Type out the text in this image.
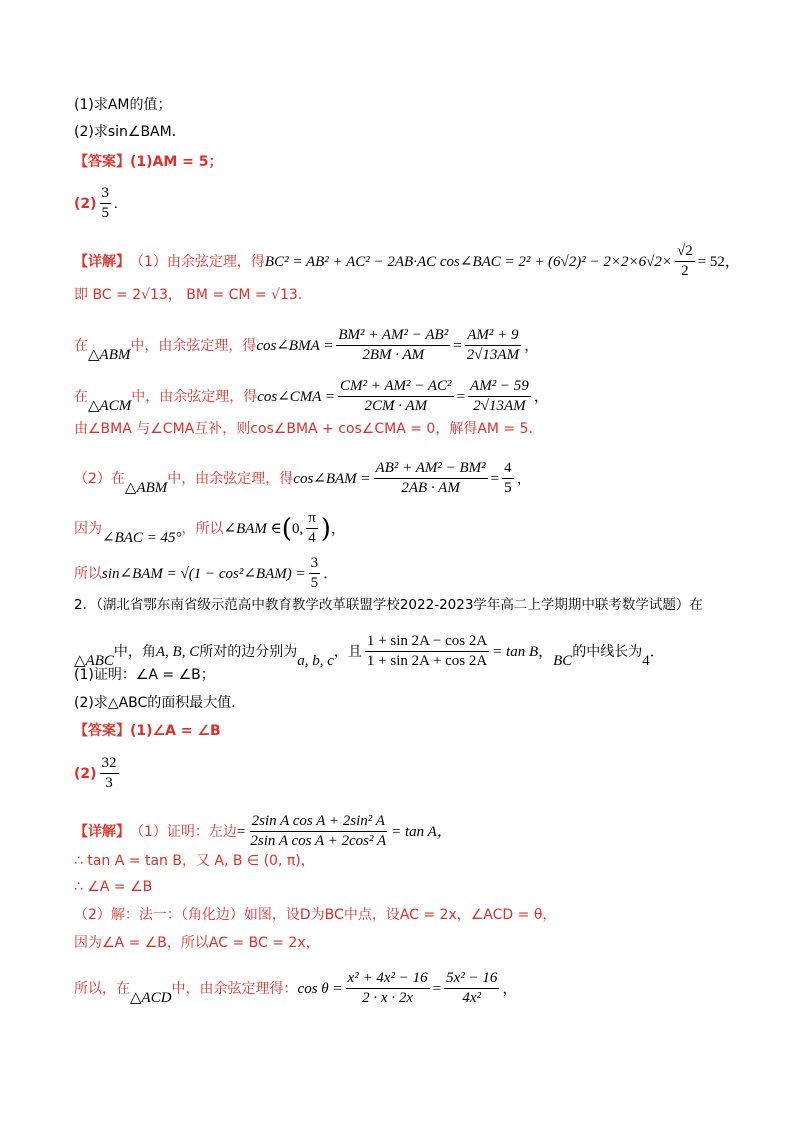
(1)求AM的值；
(2)求sin∠BAM．
【答案】 (1)AM = 5；
$(2) \frac{3}{5}$ .
【详解】 （1）由余弦定理，得 BC² = AB² + AC² − 2AB·AC cos∠BAC = $2^2 + (6√2)^2 - 2\times 2\times 6√2\times \frac{√2}{2} = 52$，
即 BC = 2√13， BM = CM = √13．
在
△ABM
中，由余弦定理，得 cos∠BMA = $\frac{\text{BM² + AM² − AB²}}{2BM \cdot AM} = \frac{\text{AM² + 9}}{2√13AM}$ ，
在
△ACM
中，由余弦定理，得 cos∠CMA = $\frac{\text{CM² + AM² − AC²}}{2CM \cdot AM} = \frac{\text{AM² − 59}}{2√13AM}$ ，
由∠BMA 与∠CMA互补，则cos∠BMA + cos∠CMA = 0，解得AM = 5．
（2）在
△ABM
中，由余弦定理，得 cos∠BAM = $\frac{\text{AB² + AM² − BM²}}{2AB \cdot AM} = \frac{4}{5}$ ，
因为
∠BAC = 45°
，所以 ∠BAM ∈ ( 0, $\frac{\pi}{4}$ ) ，
所以 sin∠BAM = √(1 − cos²∠BAM) = $\frac{3}{5}$ ．
2．（湖北省鄂东南省级示范高中教育教学改革联盟学校2022-2023学年高二上学期期中联考数学试题）在
△ABC
中，角 A, B, C 所对的边分别为
a, b, c
，且 $\frac{1 + \sin 2A - \cos 2A}{1 + \sin 2A + \cos 2A} = \tan B$ ，
BC
的中线长为
4
．
(1)证明：∠A = ∠B；
(2)求△ABC的面积最大值．
【答案】 (1)∠A = ∠B
$(2) \frac{32}{3}$
【详解】 （1）证明：左边 = $\frac{\text{2sin A cos A + 2sin² A}}{\text{2sin A cos A + 2cos² A}} = \tan A$，
∴ tan A = tan B，又 A, B ∈ (0, π)，
∴ ∠A = ∠B
（2）解：法一：（角化边）如图，设D为BC中点，设AC = 2x，∠ACD = θ，
因为∠A = ∠B，所以AC = BC = 2x，
所以，在
△ACD
中，由余弦定理得： $\cos \theta = \frac{\text{x² + 4x² − 16}}{2 \cdot x \cdot 2x} = \frac{\text{5x² − 16}}{\text{4x²}}$ ，
